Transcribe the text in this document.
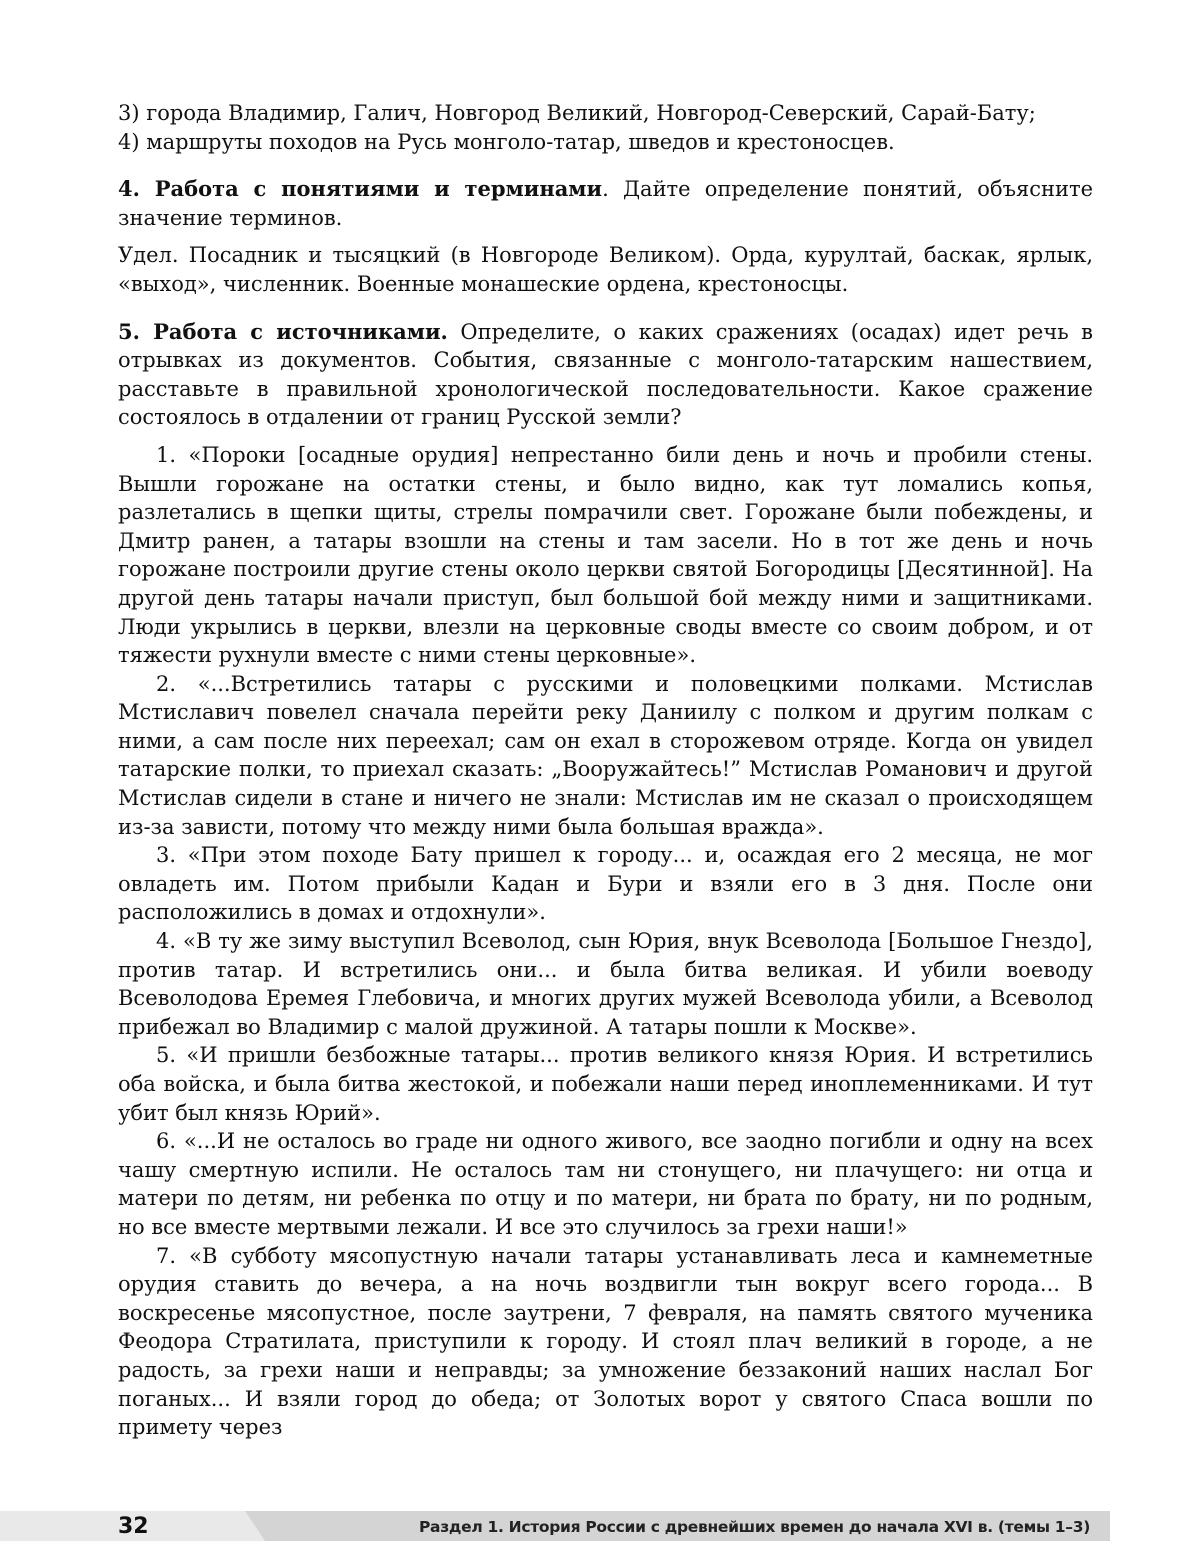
3) города Владимир, Галич, Новгород Великий, Новгород-Северский, Сарай-Бату;

4) маршруты походов на Русь монголо-татар, шведов и крестоносцев.

4. Работа с понятиями и терминами. Дайте определение понятий, объясните значение терминов.

Удел. Посадник и тысяцкий (в Новгороде Великом). Орда, курултай, баскак, ярлык, «выход», численник. Военные монашеские ордена, крестоносцы.

5. Работа с источниками. Определите, о каких сражениях (осадах) идет речь в отрывках из документов. События, связанные с монголо-татарским нашествием, расставьте в правильной хронологической последовательности. Какое сражение состоялось в отдалении от границ Русской земли?

1. «Пороки [осадные орудия] непрестанно били день и ночь и пробили стены. Вышли горожане на остатки стены, и было видно, как тут ломались копья, разлетались в щепки щиты, стрелы помрачили свет. Горожане были побеждены, и Дмитр ранен, а татары взошли на стены и там засели. Но в тот же день и ночь горожане построили другие стены около церкви святой Богородицы [Десятинной]. На другой день татары начали приступ, был большой бой между ними и защитниками. Люди укрылись в церкви, влезли на церковные своды вместе со своим добром, и от тяжести рухнули вместе с ними стены церковные».

2. «...Встретились татары с русскими и половецкими полками. Мстислав Мстиславич повелел сначала перейти реку Даниилу с полком и другим полкам с ними, а сам после них переехал; сам он ехал в сторожевом отряде. Когда он увидел татарские полки, то приехал сказать: „Вооружайтесь!” Мстислав Романович и другой Мстислав сидели в стане и ничего не знали: Мстислав им не сказал о происходящем из-за зависти, потому что между ними была большая вражда».

3. «При этом походе Бату пришел к городу... и, осаждая его 2 месяца, не мог овладеть им. Потом прибыли Кадан и Бури и взяли его в 3 дня. После они расположились в домах и отдохнули».

4. «В ту же зиму выступил Всеволод, сын Юрия, внук Всеволода [Большое Гнездо], против татар. И встретились они... и была битва великая. И убили воеводу Всеволодова Еремея Глебовича, и многих других мужей Всеволода убили, а Всеволод прибежал во Владимир с малой дружиной. А татары пошли к Москве».

5. «И пришли безбожные татары... против великого князя Юрия. И встретились оба войска, и была битва жестокой, и побежали наши перед иноплеменниками. И тут убит был князь Юрий».

6. «...И не осталось во граде ни одного живого, все заодно погибли и одну на всех чашу смертную испили. Не осталось там ни стонущего, ни плачущего: ни отца и матери по детям, ни ребенка по отцу и по матери, ни брата по брату, ни по родным, но все вместе мертвыми лежали. И все это случилось за грехи наши!»

7. «В субботу мясопустную начали татары устанавливать леса и камнеметные орудия ставить до вечера, а на ночь воздвигли тын вокруг всего города... В воскресенье мясопустное, после заутрени, 7 февраля, на память святого мученика Феодора Стратилата, приступили к городу. И стоял плач великий в городе, а не радость, за грехи наши и неправды; за умножение беззаконий наших наслал Бог поганых... И взяли город до обеда; от Золотых ворот у святого Спаса вошли по примету через

32	Раздел 1. История России с древнейших времен до начала XVI в. (темы 1–3)
